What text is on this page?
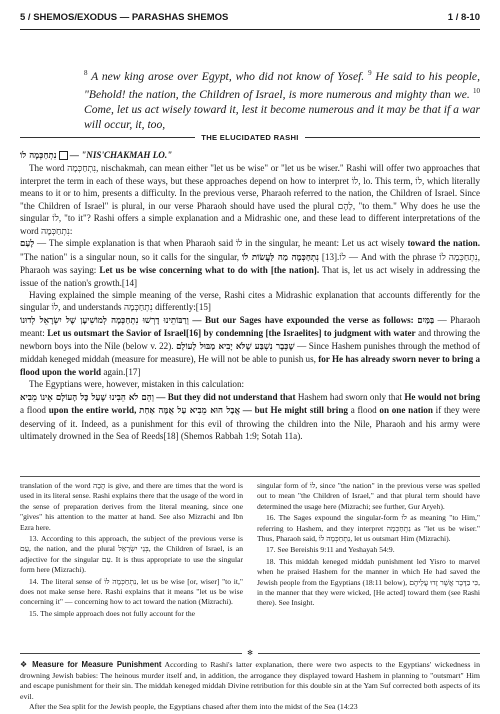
5 / SHEMOS/EXODUS — PARASHAS SHEMOS	1 / 8-10
$^8$ A new king arose over Egypt, who did not know of Yosef. $^9$ He said to his people, "Behold! the nation, the Children of Israel, is more numerous and mighty than we. $^{10}$ Come, let us act wisely toward it, lest it become numerous and it may be that if a war will occur, it, too,
THE ELUCIDATED RASHI

נִתְחַכְּמָה לוֹ — "NIS'CHAKMAH LO."

The word נִתְחַכְּמָה, nischakmah, can mean either "let us be wise" or "let us be wiser." Rashi will offer two approaches that interpret the term in each of these ways, but these approaches depend on how to interpret לוֹ, lo. This term, לוֹ, which literally means to it or to him, presents a difficulty. In the previous verse, Pharaoh referred to the nation, the Children of Israel. Since "the Children of Israel" is plural, in our verse Pharaoh should have used the plural לָהֶם, "to them." Why does he use the singular לוֹ, "to it"? Rashi offers a simple explanation and a Midrashic one, and these lead to different interpretations of the word נִתְחַכְּמָה:

לָעַם — The simple explanation is that when Pharaoh said לוֹ in the singular, he meant: Let us act wisely toward the nation. "The nation" is a singular noun, so it calls for the singular, לוֹ.[13] נִתְחַכְּמָה מַה לַּעֲשׂוֹת לוֹ	— And with the phrase נִתְחַכְּמָה לוֹ, Pharaoh was saying: Let us be wise concerning what to do with [the nation]. That is, let us act wisely in addressing the issue of the nation's growth.[14]

Having explained the simple meaning of the verse, Rashi cites a Midrashic explanation that accounts differently for the singular לוֹ, and understands נִתְחַכְּמָה differently:[15]

וְרַבּוֹתֵינוּ דָרְשׁוּ נִתְחַכְּמָה לְמוֹשִׁיעָן שֶׁל יִשְׂרָאֵל לְדוּנוֹ — But our Sages have expounded the verse as follows: בַּמַּיִם — Pharaoh meant: Let us outsmart the Savior of Israel[16] by condemning [the Israelites] to judgment with water and throwing the newborn boys into the Nile (below v. 22). שֶׁכְּבָר נִשְׁבַּע שֶׁלֹּא יָבִיא מַבּוּל לָעוֹלָם — Since Hashem punishes through the method of middah keneged middah (measure for measure), He will not be able to punish us, for He has already sworn never to bring a flood upon the world again.[17]

The Egyptians were, however, mistaken in this calculation:

וְהֵם לֹא הֵבִינוּ שֶׁעַל כָּל הָעוֹלָם אֵינוֹ מֵבִיא — But they did not understand that Hashem had sworn only that He would not bring a flood upon the entire world, אֲבָל הוּא מֵבִיא עַל אֻמָּה אַחַת — but He might still bring a flood on one nation if they were deserving of it. Indeed, as a punishment for this evil of throwing the children into the Nile, Pharaoh and his army were ultimately drowned in the Sea of Reeds[18] (Shemos Rabbah 1:9; Sotah 11a).

translation of the word הָבָה is give, and there are times that the word is used in its literal sense. Rashi explains there that the usage of the word in the sense of preparation derives from the literal meaning, since one "gives" his attention to the matter at hand. See also Mizrachi and Ibn Ezra here.

13. According to this approach, the subject of the previous verse is עַם, the nation, and the plural בְּנֵי יִשְׂרָאֵל, the Children of Israel, is an adjective for the singular עַם. It is thus appropriate to use the singular form here (Mizrachi).

14. The literal sense of נִתְחַכְּמָה לוֹ, let us be wise [or, wiser] "to it," does not make sense here. Rashi explains that it means "let us be wise concerning it" — concerning how to act toward the nation (Mizrachi).

15. The simple approach does not fully account for the

singular form of לוֹ, since "the nation" in the previous verse was spelled out to mean "the Children of Israel," and that plural term should have determined the usage here (Mizrachi; see further, Gur Aryeh).

16. The Sages expound the singular-form לוֹ as meaning "to Him," referring to Hashem, and they interpret נִתְחַכְּמָה as "let us be wiser." Thus, Pharaoh said, נִתְחַכְּמָה לוֹ, let us outsmart Him (Mizrachi).

17. See Bereishis 9:11 and Yeshayah 54:9.

18. This middah keneged middah punishment led Yisro to marvel when he praised Hashem for the manner in which He had saved the Jewish people from the Egyptians (18:11 below), כִּי בַדָּבָר אֲשֶׁר זָדוּ עֲלֵיהֶם, in the manner that they were wicked, [He acted] toward them (see Rashi there). See Insight.

✻

❖ Measure for Measure Punishment According to Rashi's latter explanation, there were two aspects to the Egyptians' wickedness in drowning Jewish babies: The heinous murder itself and, in addition, the arrogance they displayed toward Hashem in planning to "outsmart" Him and escape punishment for their sin. The middah keneged middah Divine retribution for this double sin at the Yam Suf corrected both aspects of its evil.

After the Sea split for the Jewish people, the Egyptians chased after them into the midst of the Sea (14:23
